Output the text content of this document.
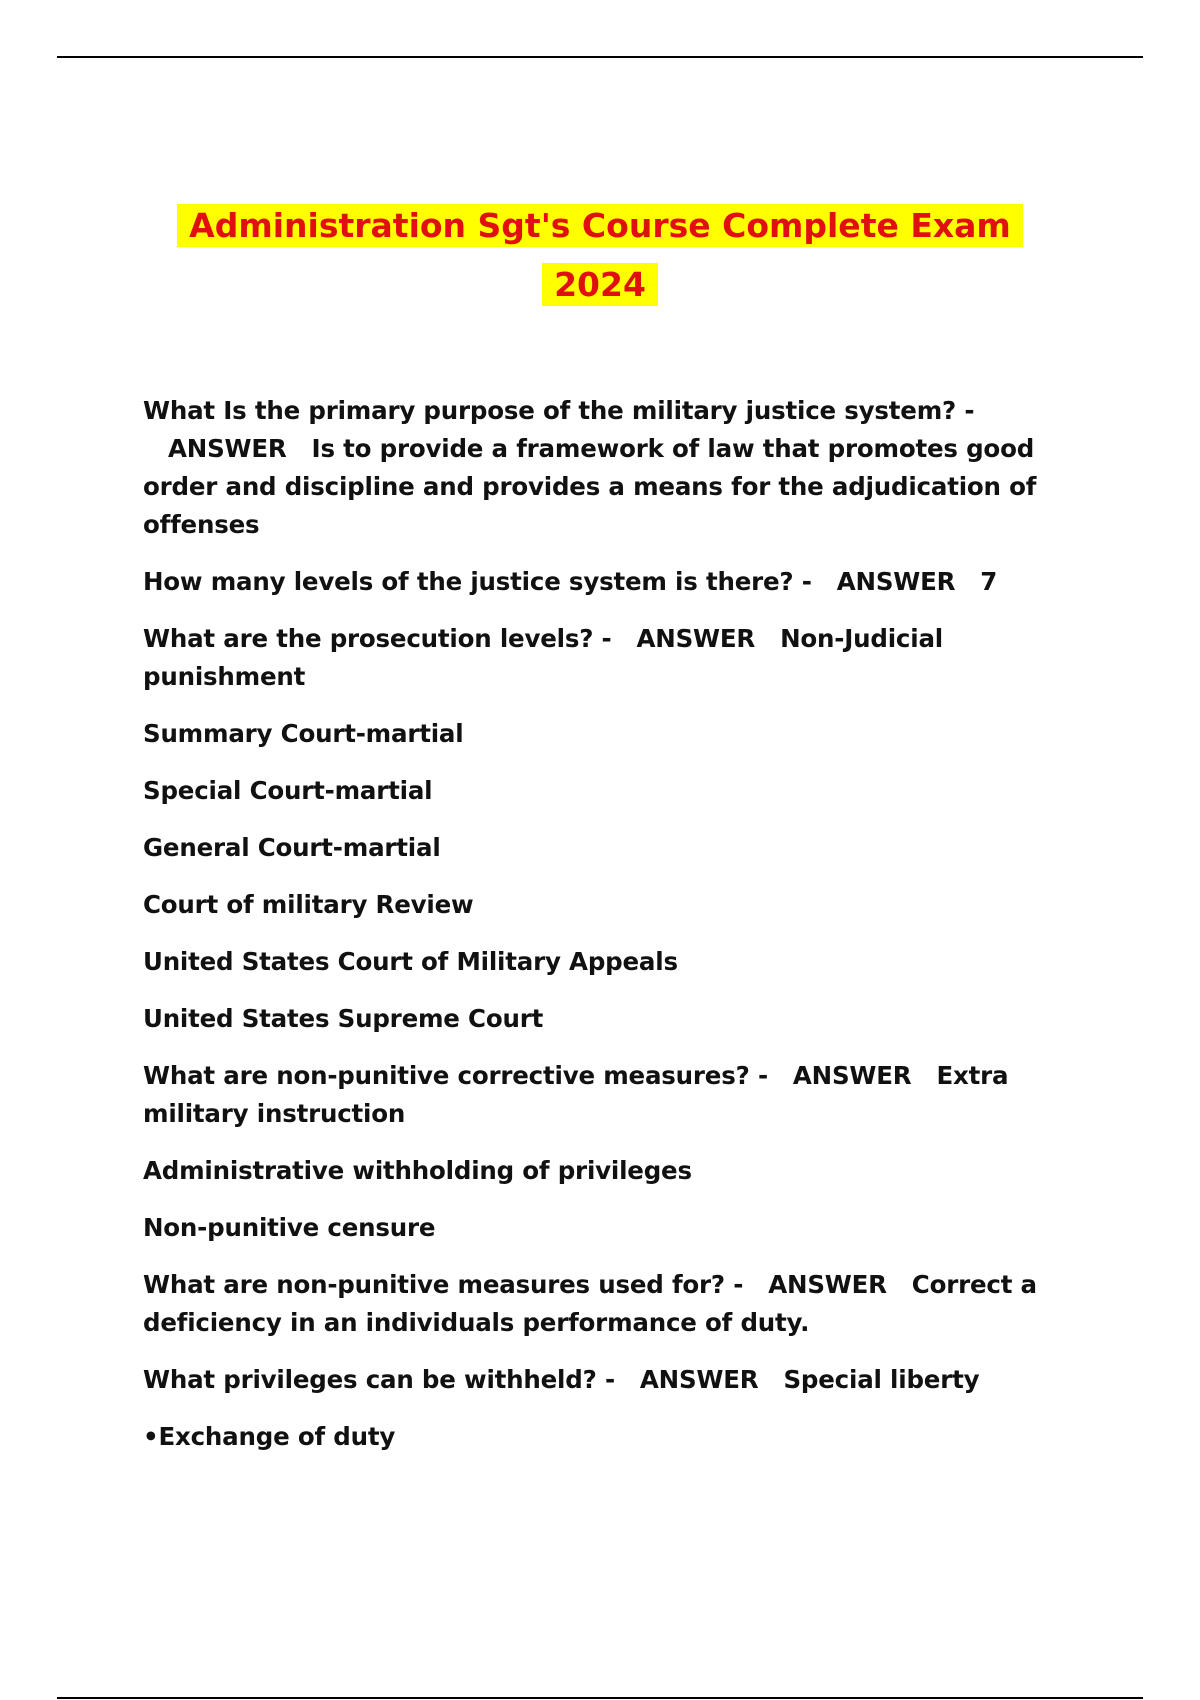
Administration Sgt's Course Complete Exam
2024

What Is the primary purpose of the military justice system? -   ANSWER Is to provide a framework of law that promotes good order and discipline and provides a means for the adjudication of offenses

How many levels of the justice system is there? - ANSWER 7

What are the prosecution levels? - ANSWER Non-Judicial punishment

Summary Court-martial

Special Court-martial

General Court-martial

Court of military Review

United States Court of Military Appeals

United States Supreme Court

What are non-punitive corrective measures? - ANSWER Extra military instruction

Administrative withholding of privileges

Non-punitive censure

What are non-punitive measures used for? - ANSWER Correct a deficiency in an individuals performance of duty.

What privileges can be withheld? - ANSWER Special liberty

•Exchange of duty
